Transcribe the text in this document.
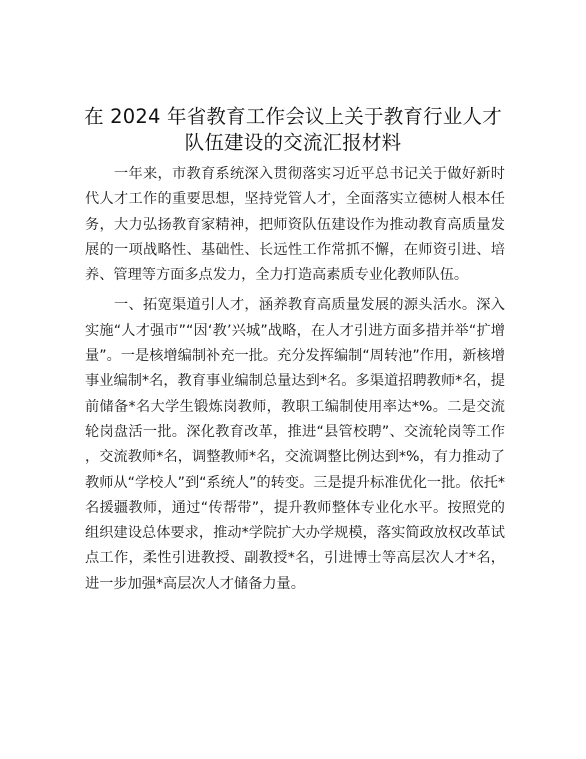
在 2024 年省教育工作会议上关于教育行业人才
队伍建设的交流汇报材料

一年来，市教育系统深入贯彻落实习近平总书记关于做好新时代人才工作的重要思想，坚持党管人才，全面落实立德树人根本任务，大力弘扬教育家精神，把师资队伍建设作为推动教育高质量发展的一项战略性、基础性、长远性工作常抓不懈，在师资引进、培养、管理等方面多点发力，全力打造高素质专业化教师队伍。

一、拓宽渠道引人才，涵养教育高质量发展的源头活水。深入实施“人才强市”“因‘教’兴城”战略，在人才引进方面多措并举“扩增量”。一是核增编制补充一批。充分发挥编制“周转池”作用，新核增事业编制*名，教育事业编制总量达到*名。多渠道招聘教师*名，提前储备*名大学生锻炼岗教师，教职工编制使用率达*%。二是交流轮岗盘活一批。深化教育改革，推进“县管校聘”、交流轮岗等工作，交流教师*名，调整教师*名，交流调整比例达到*%，有力推动了教师从“学校人”到“系统人”的转变。三是提升标准优化一批。依托*名援疆教师，通过“传帮带”，提升教师整体专业化水平。按照党的组织建设总体要求，推动*学院扩大办学规模，落实简政放权改革试点工作，柔性引进教授、副教授*名，引进博士等高层次人才*名，进一步加强*高层次人才储备力量。
